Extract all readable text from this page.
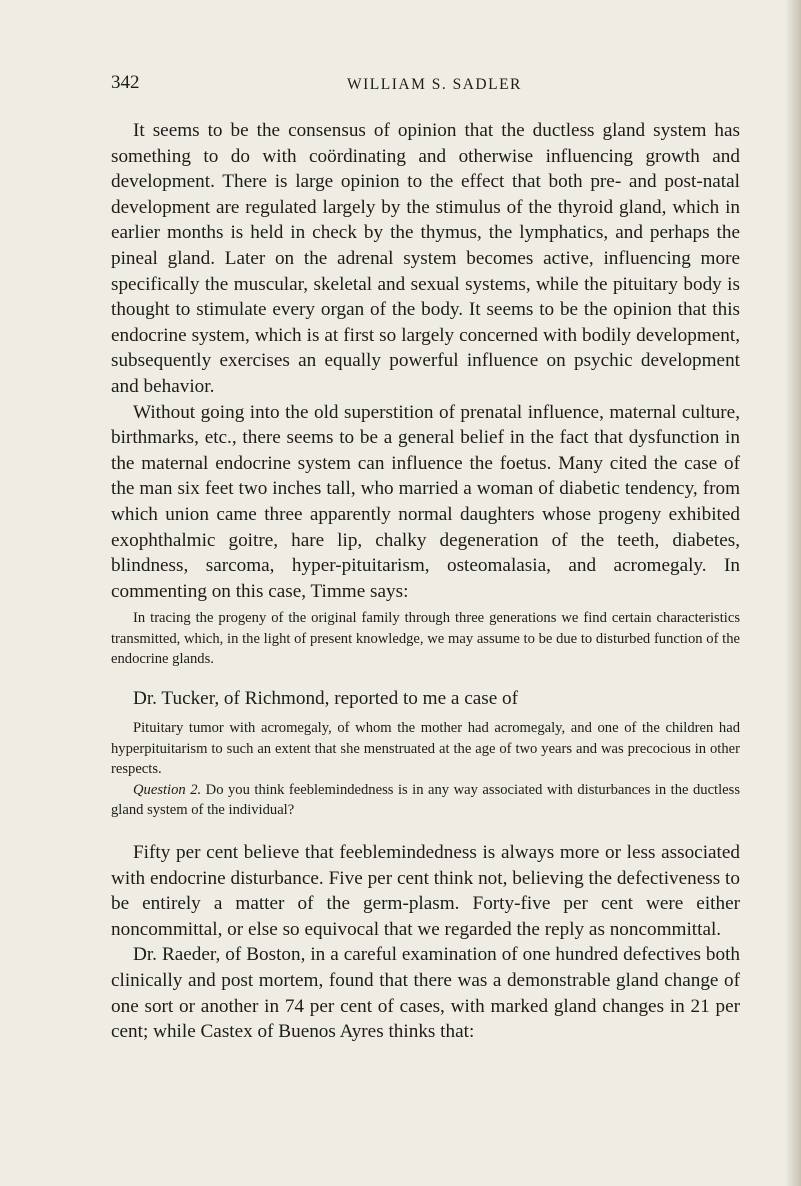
342	WILLIAM S. SADLER

It seems to be the consensus of opinion that the ductless gland system has something to do with coördinating and otherwise influencing growth and development. There is large opinion to the effect that both pre- and post-natal development are regulated largely by the stimulus of the thyroid gland, which in earlier months is held in check by the thymus, the lymphatics, and perhaps the pineal gland. Later on the adrenal system becomes active, influencing more specifically the muscular, skeletal and sexual systems, while the pituitary body is thought to stimulate every organ of the body. It seems to be the opinion that this endocrine system, which is at first so largely concerned with bodily development, subsequently exercises an equally powerful influence on psychic development and behavior.

Without going into the old superstition of prenatal influence, maternal culture, birthmarks, etc., there seems to be a general belief in the fact that dysfunction in the maternal endocrine system can influence the foetus. Many cited the case of the man six feet two inches tall, who married a woman of diabetic tendency, from which union came three apparently normal daughters whose progeny exhibited exophthalmic goitre, hare lip, chalky degeneration of the teeth, diabetes, blindness, sarcoma, hyper-pituitarism, osteomalasia, and acromegaly. In commenting on this case, Timme says:

In tracing the progeny of the original family through three generations we find certain characteristics transmitted, which, in the light of present knowledge, we may assume to be due to disturbed function of the endocrine glands.

Dr. Tucker, of Richmond, reported to me a case of

Pituitary tumor with acromegaly, of whom the mother had acromegaly, and one of the children had hyperpituitarism to such an extent that she menstruated at the age of two years and was precocious in other respects.

Question 2. Do you think feeblemindedness is in any way associated with disturbances in the ductless gland system of the individual?

Fifty per cent believe that feeblemindedness is always more or less associated with endocrine disturbance. Five per cent think not, believing the defectiveness to be entirely a matter of the germ-plasm. Forty-five per cent were either noncommittal, or else so equivocal that we regarded the reply as noncommittal.

Dr. Raeder, of Boston, in a careful examination of one hundred defectives both clinically and post mortem, found that there was a demonstrable gland change of one sort or another in 74 per cent of cases, with marked gland changes in 21 per cent; while Castex of Buenos Ayres thinks that:
